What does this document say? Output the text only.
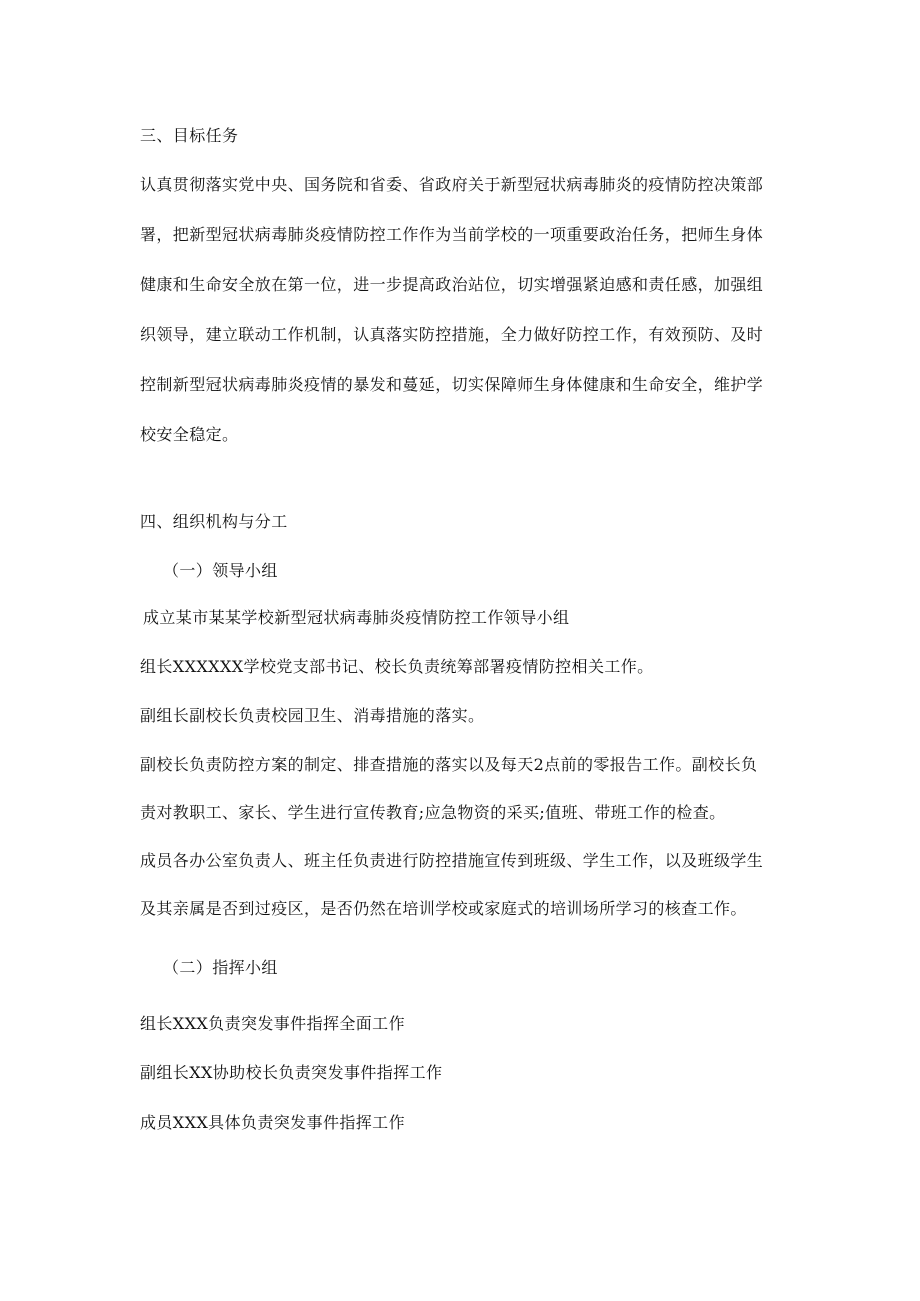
三、目标任务
认真贯彻落实党中央、国务院和省委、省政府关于新型冠状病毒肺炎的疫情防控决策部
署，把新型冠状病毒肺炎疫情防控工作作为当前学校的一项重要政治任务，把师生身体
健康和生命安全放在第一位，进一步提高政治站位，切实增强紧迫感和责任感，加强组
织领导，建立联动工作机制，认真落实防控措施，全力做好防控工作，有效预防、及时
控制新型冠状病毒肺炎疫情的暴发和蔓延，切实保障师生身体健康和生命安全，维护学
校安全稳定。
四、组织机构与分工
（一）领导小组
成立某市某某学校新型冠状病毒肺炎疫情防控工作领导小组
组长XXXXXX学校党支部书记、校长负责统筹部署疫情防控相关工作。
副组长副校长负责校园卫生、消毒措施的落实。
副校长负责防控方案的制定、排查措施的落实以及每天2点前的零报告工作。副校长负
责对教职工、家长、学生进行宣传教育;应急物资的采买;值班、带班工作的检查。
成员各办公室负责人、班主任负责进行防控措施宣传到班级、学生工作，以及班级学生
及其亲属是否到过疫区，是否仍然在培训学校或家庭式的培训场所学习的核查工作。
（二）指挥小组
组长XXX负责突发事件指挥全面工作
副组长XX协助校长负责突发事件指挥工作
成员XXX具体负责突发事件指挥工作
